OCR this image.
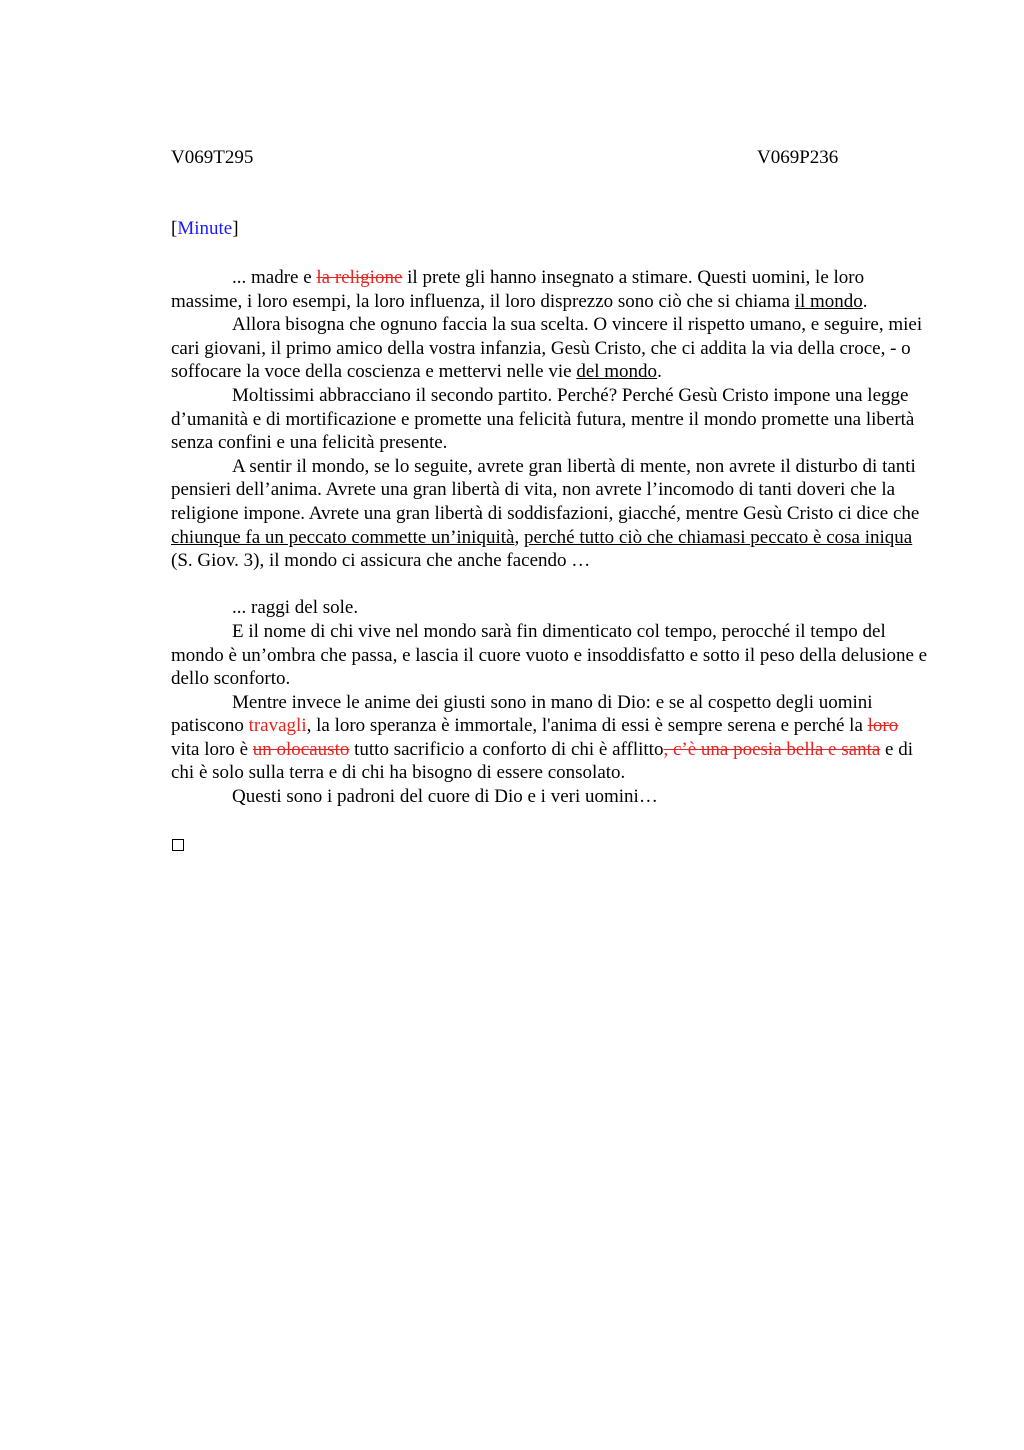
V069T295	V069P236
[Minute]

... madre e la religione il prete gli hanno insegnato a stimare. Questi uomini, le loro massime, i loro esempi, la loro influenza, il loro disprezzo sono ciò che si chiama il mondo.

Allora bisogna che ognuno faccia la sua scelta. O vincere il rispetto umano, e seguire, miei cari giovani, il primo amico della vostra infanzia, Gesù Cristo, che ci addita la via della croce, - o soffocare la voce della coscienza e mettervi nelle vie del mondo.

Moltissimi abbracciano il secondo partito. Perché? Perché Gesù Cristo impone una legge d’umanità e di mortificazione e promette una felicità futura, mentre il mondo promette una libertà senza confini e una felicità presente.

A sentir il mondo, se lo seguite, avrete gran libertà di mente, non avrete il disturbo di tanti pensieri dell’anima. Avrete una gran libertà di vita, non avrete l’incomodo di tanti doveri che la religione impone. Avrete una gran libertà di soddisfazioni, giacché, mentre Gesù Cristo ci dice che chiunque fa un peccato commette un’iniquità, perché tutto ciò che chiamasi peccato è cosa iniqua (S. Giov. 3), il mondo ci assicura che anche facendo …

... raggi del sole.

E il nome di chi vive nel mondo sarà fin dimenticato col tempo, perocché il tempo del mondo è un’ombra che passa, e lascia il cuore vuoto e insoddisfatto e sotto il peso della delusione e dello sconforto.

Mentre invece le anime dei giusti sono in mano di Dio: e se al cospetto degli uomini patiscono travagli, la loro speranza è immortale, l'anima di essi è sempre serena e perché la loro vita loro è un olocausto tutto sacrificio a conforto di chi è afflitto, c’è una poesia bella e santa e di chi è solo sulla terra e di chi ha bisogno di essere consolato.

Questi sono i padroni del cuore di Dio e i veri uomini…
